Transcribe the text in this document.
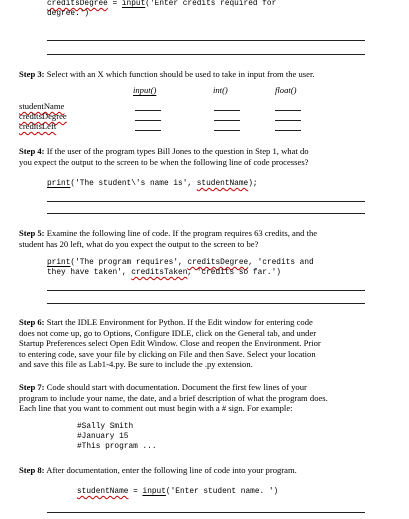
creditsDegree = input('Enter credits required for
degree.')
Step 3: Select with an X which function should be used to take in input from the user.
input()	int()	float()
studentName
creditsDegree
creditsLeft
Step 4: If the user of the program types Bill Jones to the question in Step 1, what do
you expect the output to the screen to be when the following line of code processes?
print('The student\'s name is', studentName);
Step 5: Examine the following line of code. If the program requires 63 credits, and the
student has 20 left, what do you expect the output to the screen to be?
print('The program requires', creditsDegree, 'credits and
they have taken', creditsTaken, 'credits so far.')
Step 6: Start the IDLE Environment for Python. If the Edit window for entering code
does not come up, go to Options, Configure IDLE, click on the General tab, and under
Startup Preferences select Open Edit Window. Close and reopen the Environment. Prior
to entering code, save your file by clicking on File and then Save. Select your location
and save this file as Lab1-4.py. Be sure to include the .py extension.
Step 7: Code should start with documentation. Document the first few lines of your
program to include your name, the date, and a brief description of what the program does.
Each line that you want to comment out must begin with a # sign. For example:
#Sally Smith
#January 15
#This program ...
Step 8: After documentation, enter the following line of code into your program.
studentName = input('Enter student name. ')
